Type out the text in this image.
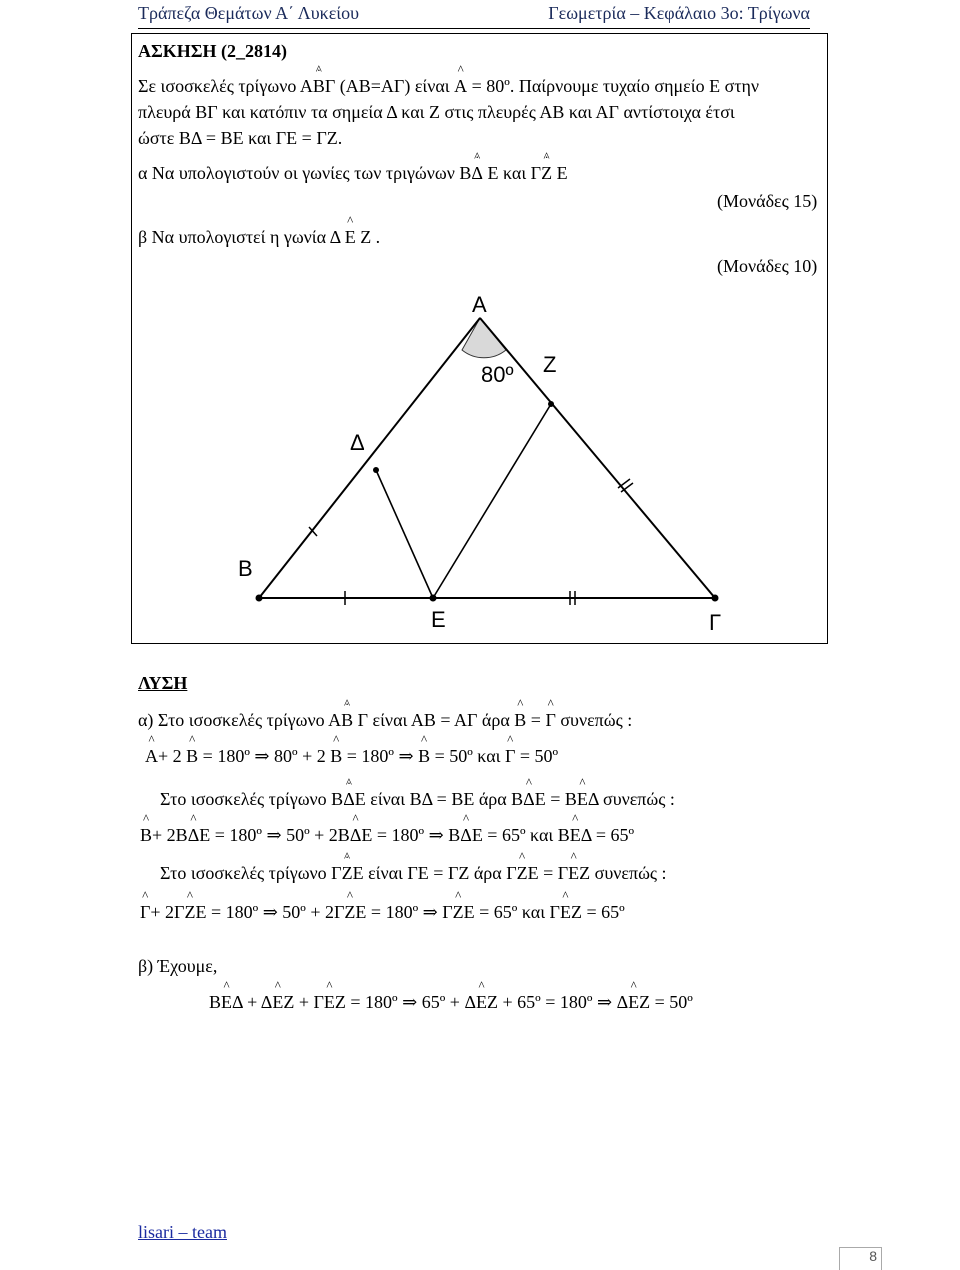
Τράπεζα Θεμάτων Α΄ Λυκείου	Γεωμετρία – Κεφάλαιο 3ο: Τρίγωνα
ΑΣΚΗΣΗ (2_2814)
Σε ισοσκελές τρίγωνο Α^ Β .Γ (ΑΒ=ΑΓ) είναι ^ Α = 80º. Παίρνουμε τυχαίο σημείο Ε στην
πλευρά ΒΓ και κατόπιν τα σημεία Δ και Ζ στις πλευρές ΑΒ και ΑΓ αντίστοιχα έτσι
ώστε ΒΔ = ΒΕ και ΓΕ = ΓΖ.
α Να υπολογιστούν οι γωνίες των τριγώνων Β^ Δ . Ε και Γ^ Ζ . Ε
(Μονάδες 15)
β Να υπολογιστεί η γωνία Δ ^ Ε Ζ .
(Μονάδες 10)
Α
80º Ζ
Δ
Β
Ε	Γ
ΛΥΣΗ
α) Στο ισοσκελές τρίγωνο Α^ Β . Γ είναι ΑΒ = ΑΓ άρα ^ Β = ^ Γ συνεπώς :
^ Α+ 2 ^ Β = 180º ⇒ 80º + 2 ^ Β = 180º ⇒ ^ Β = 50º και ^ Γ = 50º
Στο ισοσκελές τρίγωνο Β^ Δ .Ε είναι ΒΔ = ΒΕ άρα Β^ ΔΕ = Β^ ΕΔ συνεπώς :
^ Β+ 2Β^ ΔΕ = 180º ⇒ 50º + 2Β^ ΔΕ = 180º ⇒ Β^ ΔΕ = 65º και Β^ ΕΔ = 65º
Στο ισοσκελές τρίγωνο Γ^ Ζ .Ε είναι ΓΕ = ΓΖ άρα Γ^ ΖΕ = Γ^ ΕΖ συνεπώς :
^ Γ+ 2Γ^ ΖΕ = 180º ⇒ 50º + 2Γ^ ΖΕ = 180º ⇒ Γ^ ΖΕ = 65º και Γ^ ΕΖ = 65º
β) Έχουμε,
Β^ ΕΔ + Δ^ ΕΖ + Γ^ ΕΖ = 180º ⇒ 65º + Δ^ ΕΖ + 65º = 180º ⇒ Δ^ ΕΖ = 50º
lisari – team
8
